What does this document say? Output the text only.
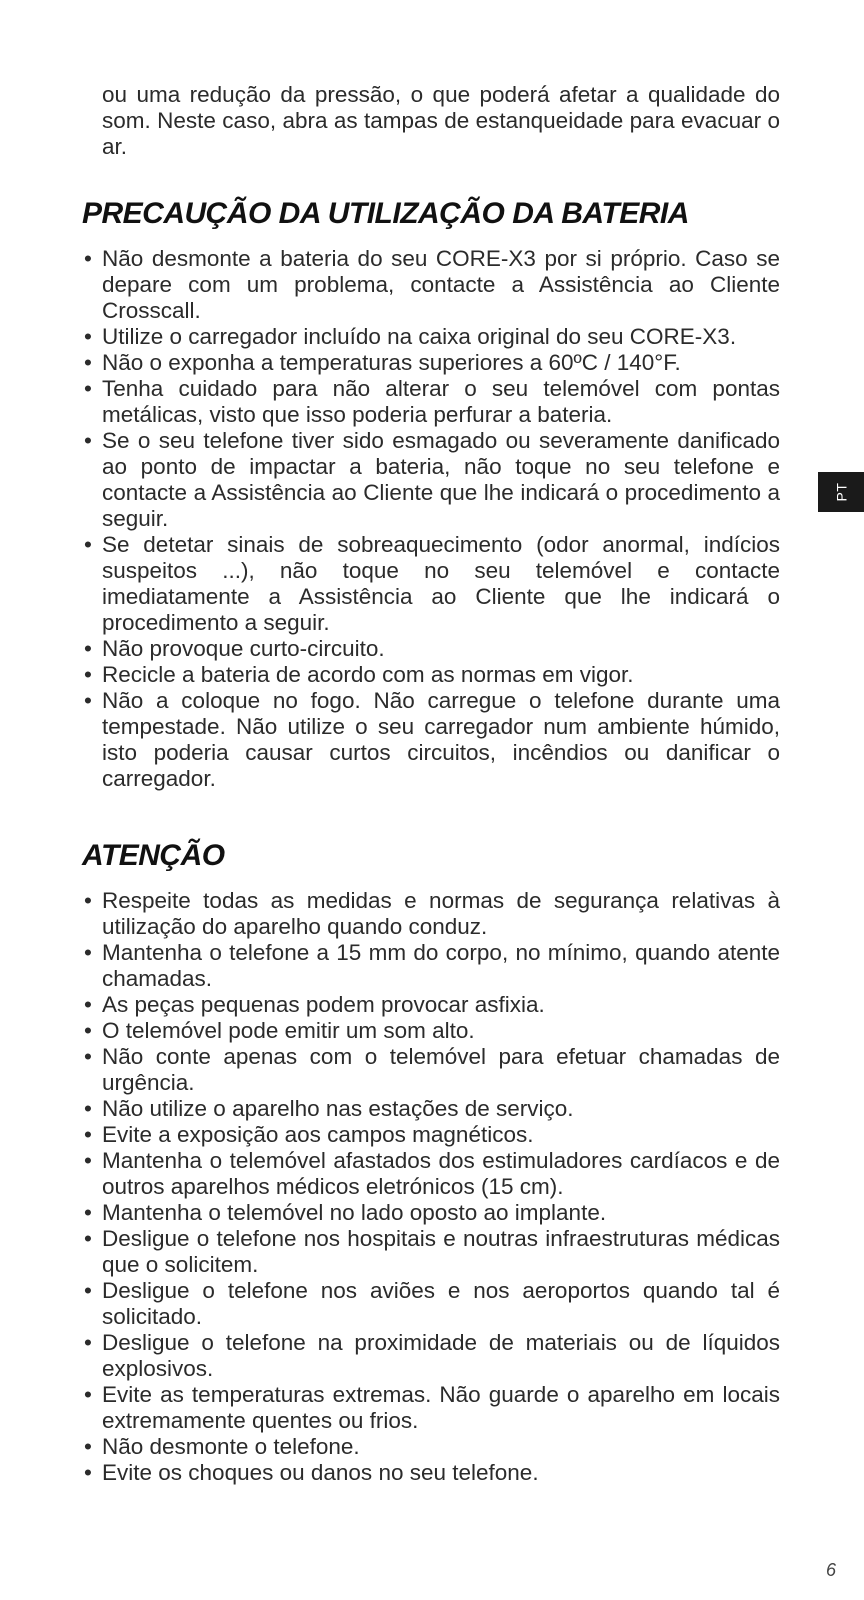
ou uma redução da pressão, o que poderá afetar a qualidade do som. Neste caso, abra as tampas de estanqueidade para evacuar o ar.

PRECAUÇÃO DA UTILIZAÇÃO DA BATERIA
• Não desmonte a bateria do seu CORE-X3 por si próprio. Caso se depare com um problema, contacte a Assistência ao Cliente Crosscall.
• Utilize o carregador incluído na caixa original do seu CORE-X3.
• Não o exponha a temperaturas superiores a 60ºC / 140°F.
• Tenha cuidado para não alterar o seu telemóvel com pontas metálicas, visto que isso poderia perfurar a bateria.
• Se o seu telefone tiver sido esmagado ou severamente danificado ao ponto de impactar a bateria, não toque no seu telefone e contacte a Assistência ao Cliente que lhe indicará o procedimento a seguir.
• Se detetar sinais de sobreaquecimento (odor anormal, indícios suspeitos ...), não toque no seu telemóvel e contacte imediatamente a Assistência ao Cliente que lhe indicará o procedimento a seguir.
• Não provoque curto-circuito.
• Recicle a bateria de acordo com as normas em vigor.
• Não a coloque no fogo. Não carregue o telefone durante uma tempestade. Não utilize o seu carregador num ambiente húmido, isto poderia causar curtos circuitos, incêndios ou danificar o carregador.
ATENÇÃO
• Respeite todas as medidas e normas de segurança relativas à utilização do aparelho quando conduz.
• Mantenha o telefone a 15 mm do corpo, no mínimo, quando atente chamadas.
• As peças pequenas podem provocar asfixia.
• O telemóvel pode emitir um som alto.
• Não conte apenas com o telemóvel para efetuar chamadas de urgência.
• Não utilize o aparelho nas estações de serviço.
• Evite a exposição aos campos magnéticos.
• Mantenha o telemóvel afastados dos estimuladores cardíacos e de outros aparelhos médicos eletrónicos (15 cm).
• Mantenha o telemóvel no lado oposto ao implante.
• Desligue o telefone nos hospitais e noutras infraestruturas médicas que o solicitem.
• Desligue o telefone nos aviões e nos aeroportos quando tal é solicitado.
• Desligue o telefone na proximidade de materiais ou de líquidos explosivos.
• Evite as temperaturas extremas. Não guarde o aparelho em locais extremamente quentes ou frios.
• Não desmonte o telefone.
• Evite os choques ou danos no seu telefone.
PT
6
